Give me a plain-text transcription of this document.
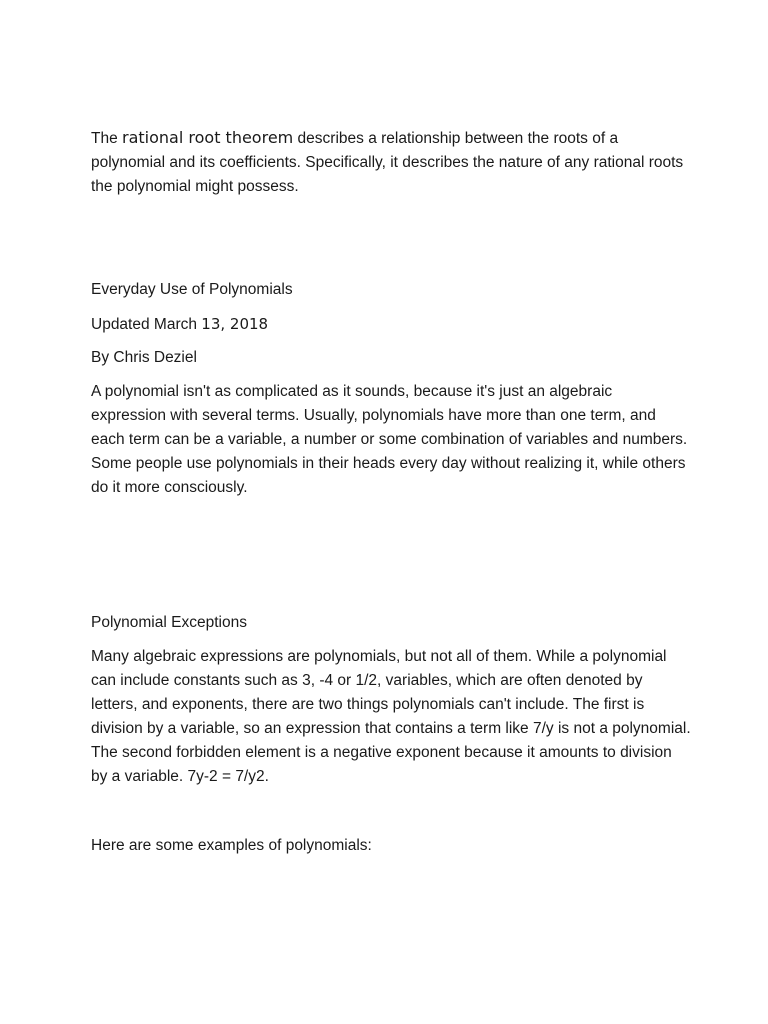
The rational root theorem describes a relationship between the roots of a polynomial and its coefficients. Specifically, it describes the nature of any rational roots the polynomial might possess.

Everyday Use of Polynomials

Updated March 13, 2018

By Chris Deziel

A polynomial isn't as complicated as it sounds, because it's just an algebraic expression with several terms. Usually, polynomials have more than one term, and each term can be a variable, a number or some combination of variables and numbers. Some people use polynomials in their heads every day without realizing it, while others do it more consciously.

Polynomial Exceptions

Many algebraic expressions are polynomials, but not all of them. While a polynomial can include constants such as 3, -4 or 1/2, variables, which are often denoted by letters, and exponents, there are two things polynomials can't include. The first is division by a variable, so an expression that contains a term like 7/y is not a polynomial. The second forbidden element is a negative exponent because it amounts to division by a variable. 7y-2 = 7/y2.

Here are some examples of polynomials:
